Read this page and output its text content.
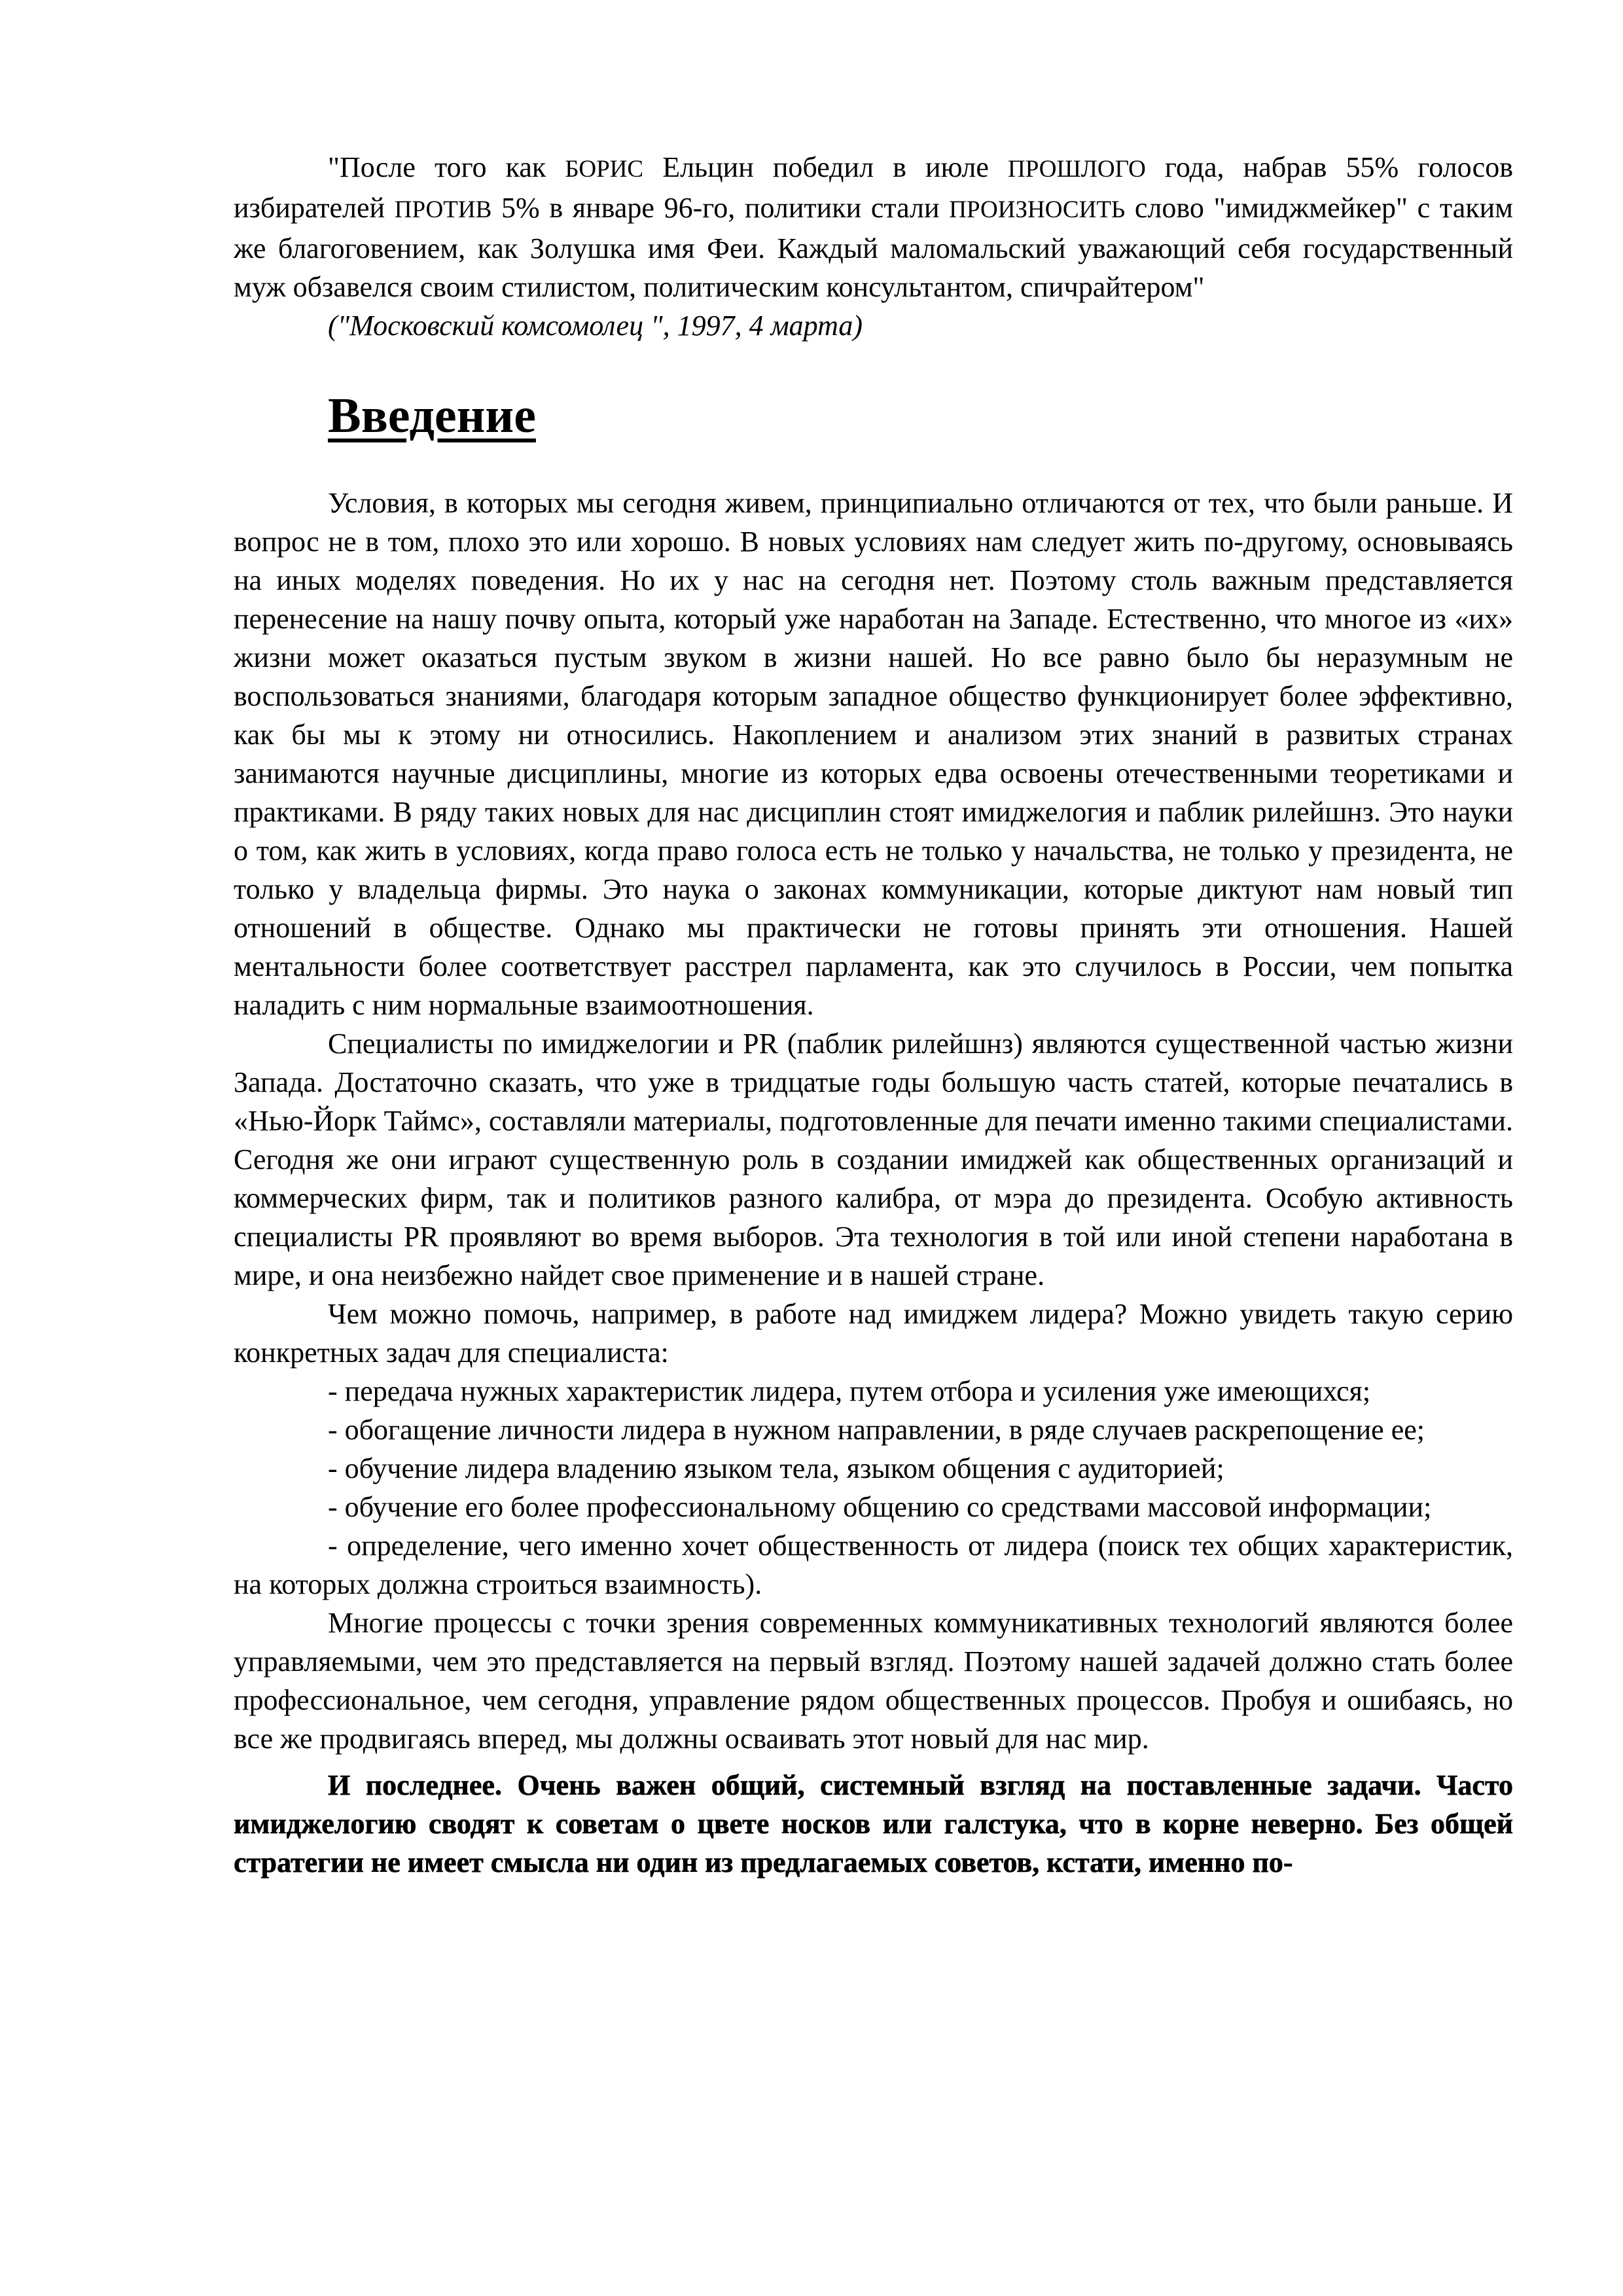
"После того как БОРИС Ельцин победил в июле ПРОШЛОГО года, набрав 55% голосов избирателей ПРОТИВ 5% в январе 96-го, политики стали ПРОИЗНОСИТЬ слово "имиджмейкер" с таким же благоговением, как Золушка имя Феи. Каждый маломальский уважающий себя государственный муж обзавелся своим стилистом, политическим консультантом, спичрайтером"

("Московский комсомолец ", 1997, 4 марта)

Введение

Условия, в которых мы сегодня живем, принципиально отличаются от тех, что были раньше. И вопрос не в том, плохо это или хорошо. В новых условиях нам следует жить по-другому, основываясь на иных моделях поведения. Но их у нас на сегодня нет. Поэтому столь важным представляется перенесение на нашу почву опыта, который уже наработан на Западе. Естественно, что многое из «их» жизни может оказаться пустым звуком в жизни нашей. Но все равно было бы неразумным не воспользоваться знаниями, благодаря которым западное общество функционирует более эффективно, как бы мы к этому ни относились. Накоплением и анализом этих знаний в развитых странах занимаются научные дисциплины, многие из которых едва освоены отечественными теоретиками и практиками. В ряду таких новых для нас дисциплин стоят имиджелогия и паблик рилейшнз. Это науки о том, как жить в условиях, когда право голоса есть не только у начальства, не только у президента, не только у владельца фирмы. Это наука о законах коммуникации, которые диктуют нам новый тип отношений в обществе. Однако мы практически не готовы принять эти отношения. Нашей ментальности более соответствует расстрел парламента, как это случилось в России, чем попытка наладить с ним нормальные взаимоотношения.

Специалисты по имиджелогии и PR (паблик рилейшнз) являются существенной частью жизни Запада. Достаточно сказать, что уже в тридцатые годы большую часть статей, которые печатались в «Нью-Йорк Таймс», составляли материалы, подготовленные для печати именно такими специалистами. Сегодня же они играют существенную роль в создании имиджей как общественных организаций и коммерческих фирм, так и политиков разного калибра, от мэра до президента. Особую активность специалисты PR проявляют во время выборов. Эта технология в той или иной степени наработана в мире, и она неизбежно найдет свое применение и в нашей стране.

Чем можно помочь, например, в работе над имиджем лидера? Можно увидеть такую серию конкретных задач для специалиста:

- передача нужных характеристик лидера, путем отбора и усиления уже имеющихся;

- обогащение личности лидера в нужном направлении, в ряде случаев раскрепощение ее;

- обучение лидера владению языком тела, языком общения с аудиторией;

- обучение его более профессиональному общению со средствами массовой информации;

- определение, чего именно хочет общественность от лидера (поиск тех общих характеристик, на которых должна строиться взаимность).

Многие процессы с точки зрения современных коммуникативных технологий являются более управляемыми, чем это представляется на первый взгляд. Поэтому нашей задачей должно стать более профессиональное, чем сегодня, управление рядом общественных процессов. Пробуя и ошибаясь, но все же продвигаясь вперед, мы должны осваивать этот новый для нас мир.

И последнее. Очень важен общий, системный взгляд на поставленные задачи. Часто имиджелогию сводят к советам о цвете носков или галстука, что в корне неверно. Без общей стратегии не имеет смысла ни один из предлагаемых советов, кстати, именно по-
